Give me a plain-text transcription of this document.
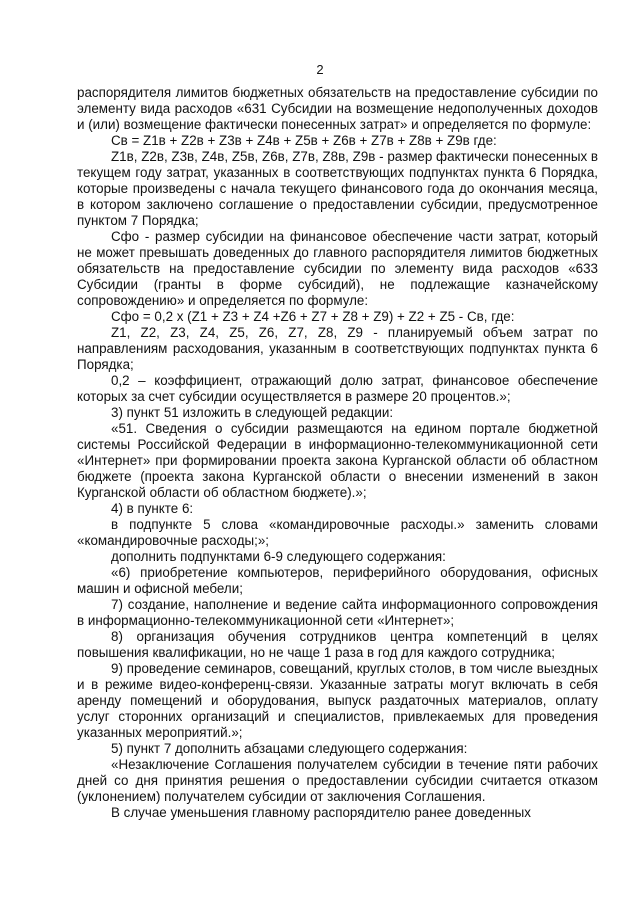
2

распорядителя лимитов бюджетных обязательств на предоставление субсидии по элементу вида расходов «631 Субсидии на возмещение недополученных доходов и (или) возмещение фактически понесенных затрат» и определяется по формуле:

Св = Z1в + Z2в + Z3в + Z4в + Z5в + Z6в + Z7в + Z8в + Z9в где:

Z1в, Z2в, Z3в, Z4в, Z5в, Z6в, Z7в, Z8в, Z9в - размер фактически понесенных в текущем году затрат, указанных в соответствующих подпунктах пункта 6 Порядка, которые произведены с начала текущего финансового года до окончания месяца, в котором заключено соглашение о предоставлении субсидии, предусмотренное пунктом 7 Порядка;

Сфо - размер субсидии на финансовое обеспечение части затрат, который не может превышать доведенных до главного распорядителя лимитов бюджетных обязательств на предоставление субсидии по элементу вида расходов «633 Субсидии (гранты в форме субсидий), не подлежащие казначейскому сопровождению» и определяется по формуле:

Сфо = 0,2 х (Z1 + Z3 + Z4 +Z6 + Z7 + Z8 + Z9) + Z2 + Z5 - Св, где:

Z1, Z2, Z3, Z4, Z5, Z6, Z7, Z8, Z9 - планируемый объем затрат по направлениям расходования, указанным в соответствующих подпунктах пункта 6 Порядка;

0,2 – коэффициент, отражающий долю затрат, финансовое обеспечение которых за счет субсидии осуществляется в размере 20 процентов.»;

3) пункт 51 изложить в следующей редакции:

«51. Сведения о субсидии размещаются на едином портале бюджетной системы Российской Федерации в информационно-телекоммуникационной сети «Интернет» при формировании проекта закона Курганской области об областном бюджете (проекта закона Курганской области о внесении изменений в закон Курганской области об областном бюджете).»;

4) в пункте 6:

в подпункте 5 слова «командировочные расходы.» заменить словами «командировочные расходы;»;

дополнить подпунктами 6-9 следующего содержания:

«6) приобретение компьютеров, периферийного оборудования, офисных машин и офисной мебели;

7) создание, наполнение и ведение сайта информационного сопровождения в информационно-телекоммуникационной сети «Интернет»;

8) организация обучения сотрудников центра компетенций в целях повышения квалификации, но не чаще 1 раза в год для каждого сотрудника;

9) проведение семинаров, совещаний, круглых столов, в том числе выездных и в режиме видео-конференц-связи. Указанные затраты могут включать в себя аренду помещений и оборудования, выпуск раздаточных материалов, оплату услуг сторонних организаций и специалистов, привлекаемых для проведения указанных мероприятий.»;

5) пункт 7 дополнить абзацами следующего содержания:

«Незаключение Соглашения получателем субсидии в течение пяти рабочих дней со дня принятия решения о предоставлении субсидии считается отказом (уклонением) получателем субсидии от заключения Соглашения.

В случае уменьшения главному распорядителю ранее доведенных
